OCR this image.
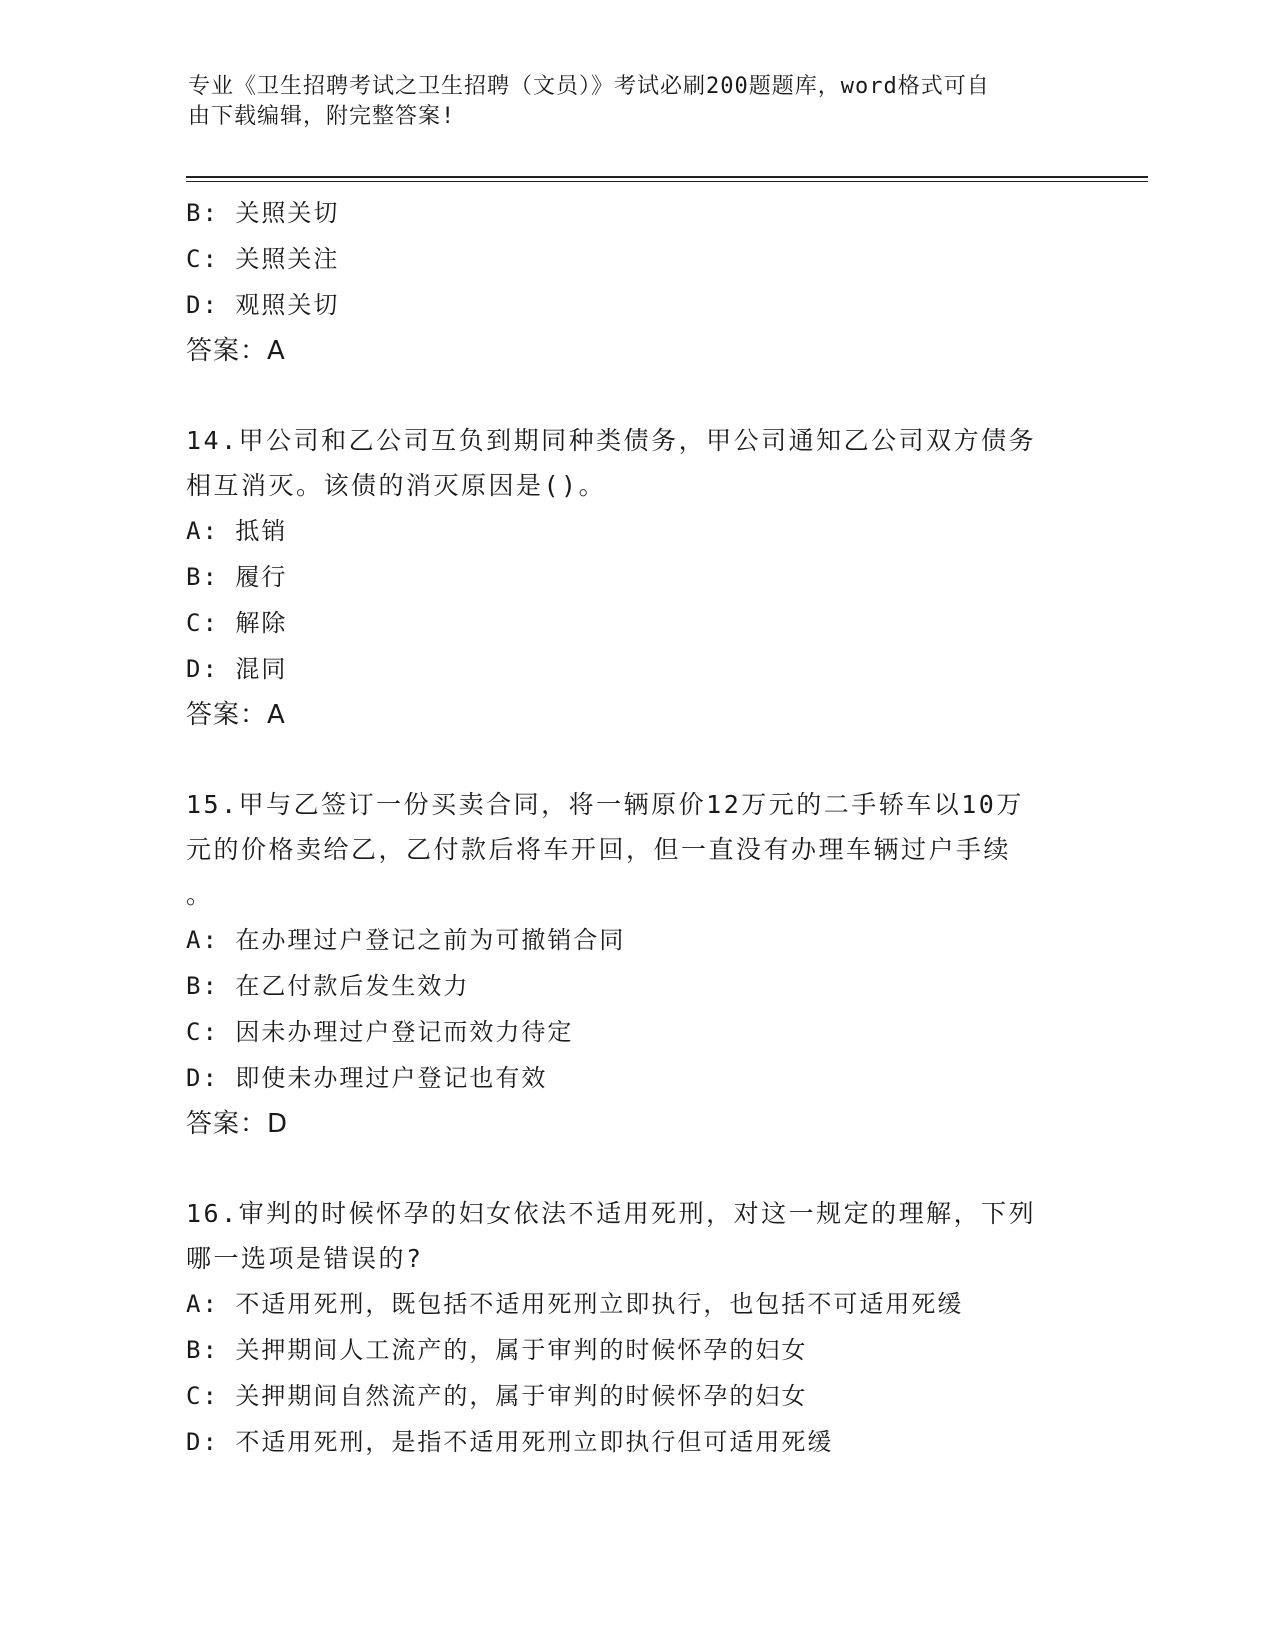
专业《卫生招聘考试之卫生招聘（文员）》考试必刷200题题库，word格式可自
由下载编辑，附完整答案!
B: 关照关切
C: 关照关注
D: 观照关切
答案：A
14.甲公司和乙公司互负到期同种类债务，甲公司通知乙公司双方债务
相互消灭。该债的消灭原因是()。
A: 抵销
B: 履行
C: 解除
D: 混同
答案：A
15.甲与乙签订一份买卖合同，将一辆原价12万元的二手轿车以10万
元的价格卖给乙，乙付款后将车开回，但一直没有办理车辆过户手续
。
A: 在办理过户登记之前为可撤销合同
B: 在乙付款后发生效力
C: 因未办理过户登记而效力待定
D: 即使未办理过户登记也有效
答案：D
16.审判的时候怀孕的妇女依法不适用死刑，对这一规定的理解，下列
哪一选项是错误的?
A: 不适用死刑，既包括不适用死刑立即执行，也包括不可适用死缓
B: 关押期间人工流产的，属于审判的时候怀孕的妇女
C: 关押期间自然流产的，属于审判的时候怀孕的妇女
D: 不适用死刑，是指不适用死刑立即执行但可适用死缓
